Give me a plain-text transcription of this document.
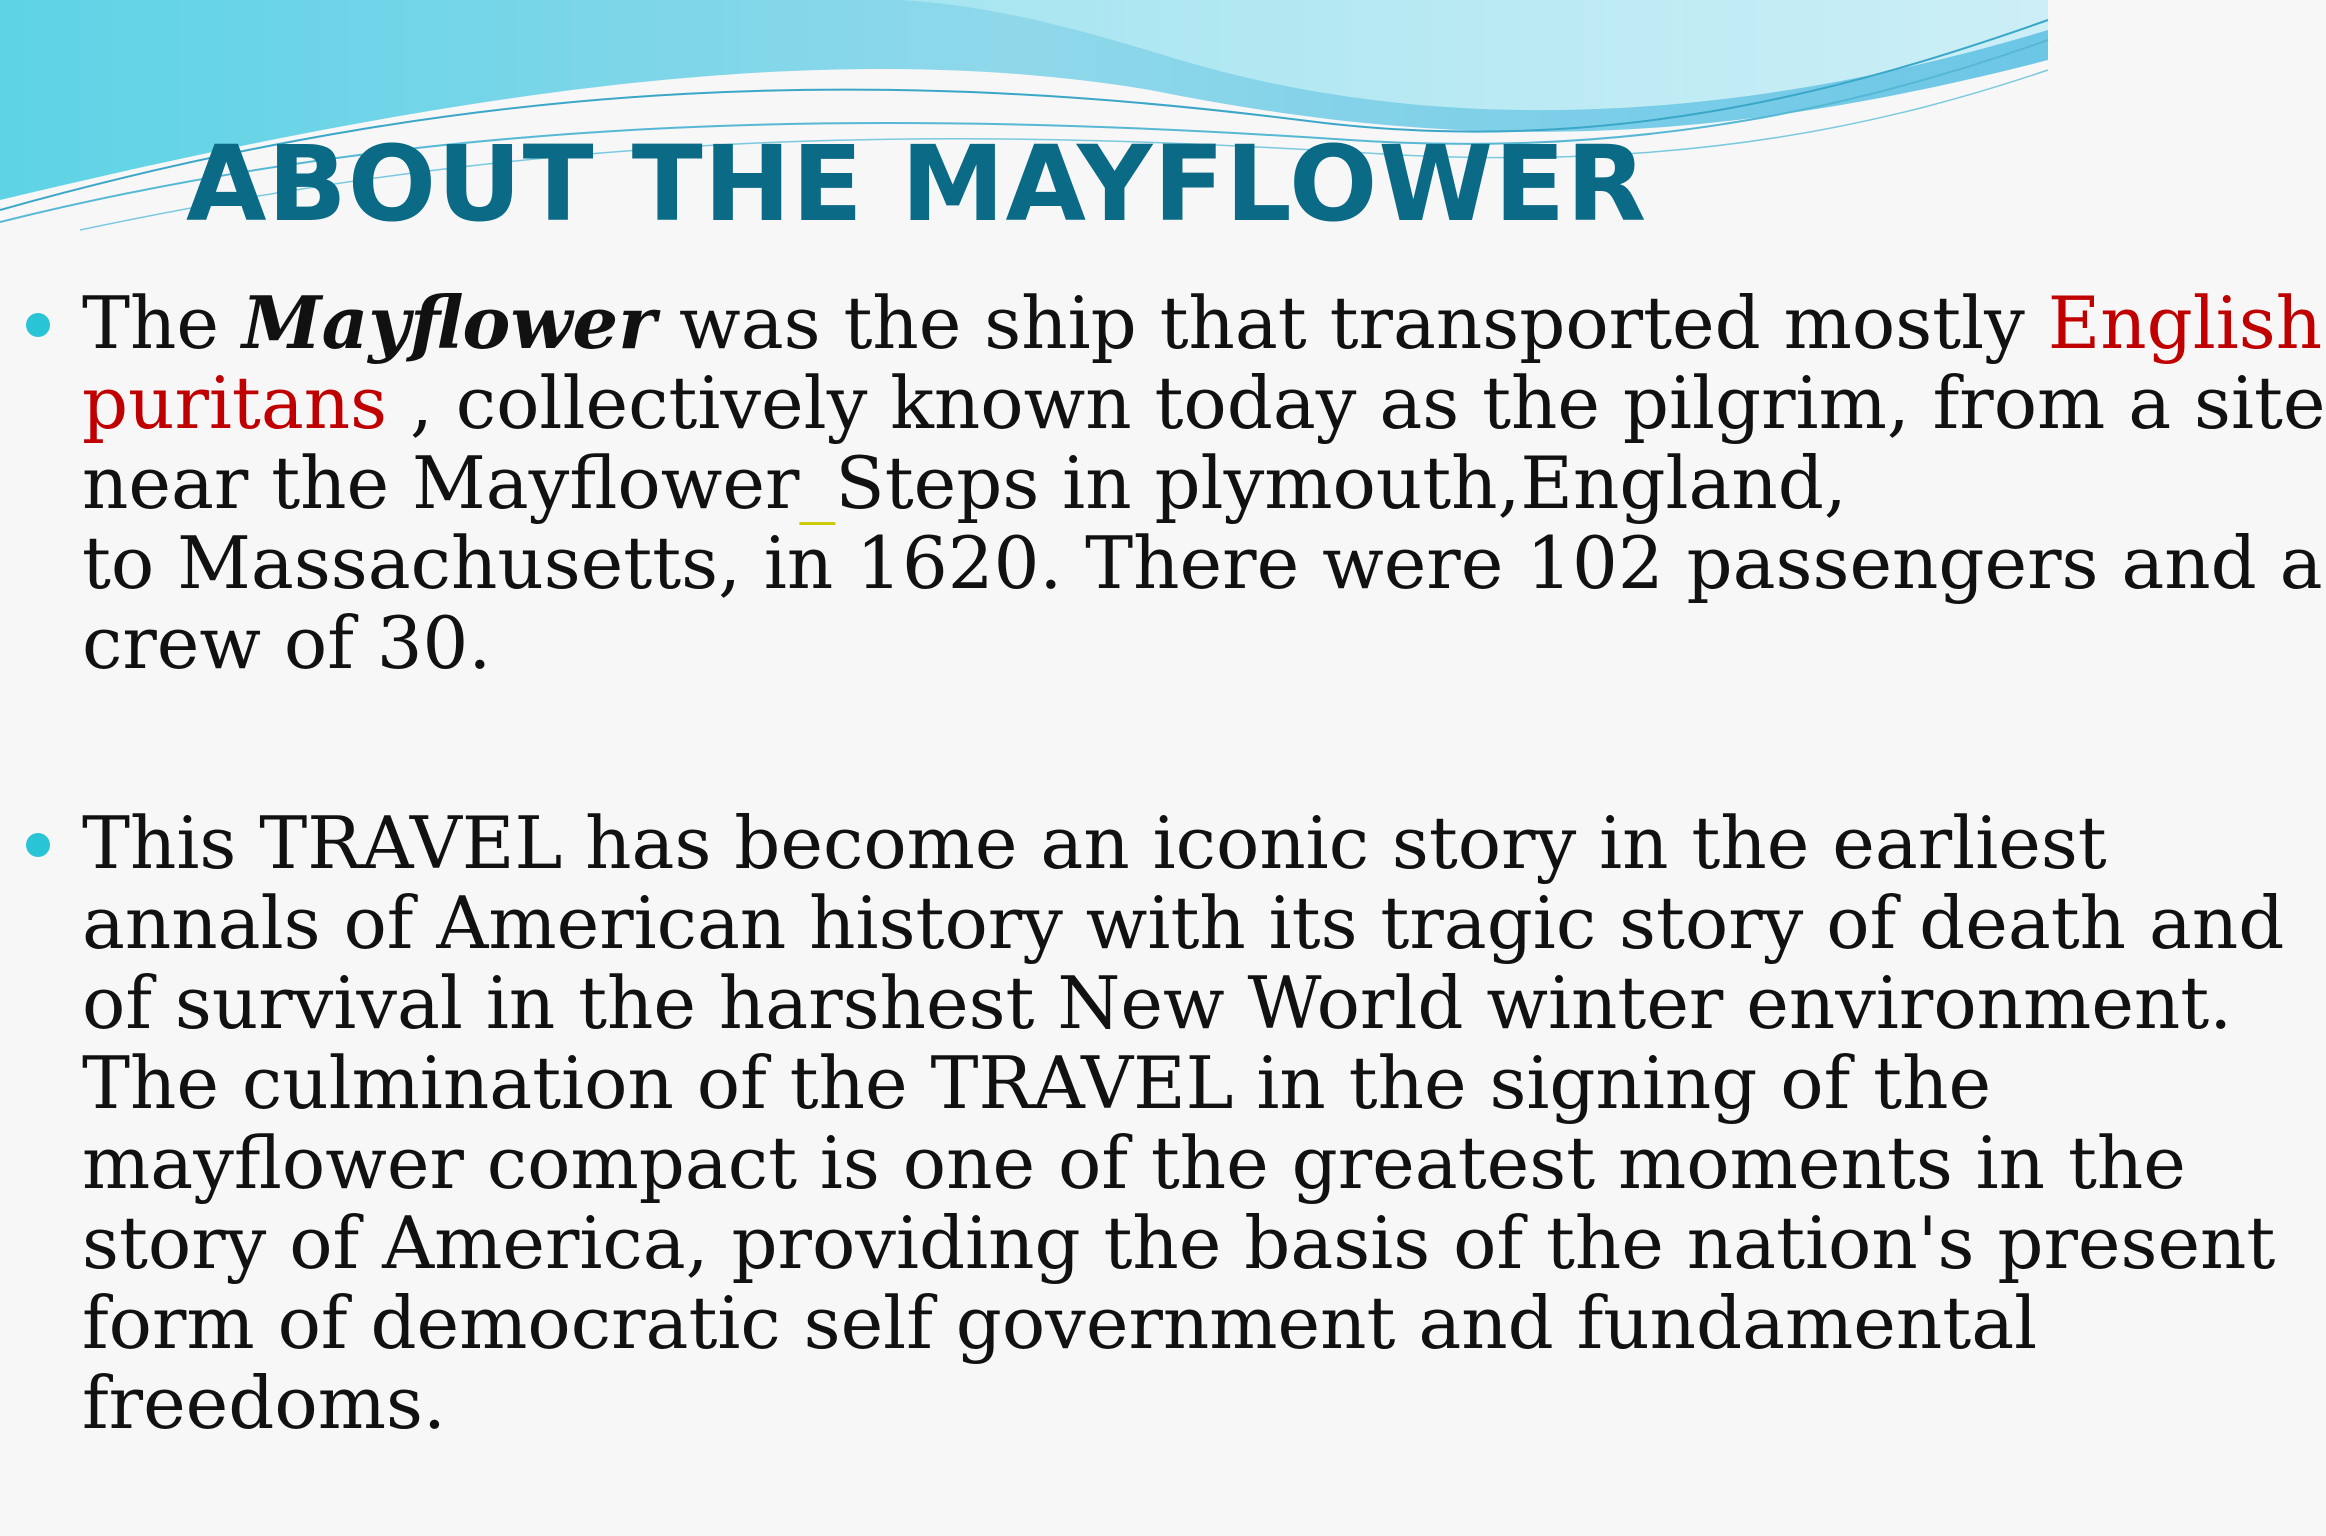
ABOUT THE MAYFLOWER
The Mayflower was the ship that transported mostly English
puritans , collectively known today as the pilgrim, from a site
near the Mayflower_Steps in plymouth,England,
to Massachusetts, in 1620. There were 102 passengers and a
crew of 30.
This TRAVEL has become an iconic story in the earliest
annals of American history with its tragic story of death and
of survival in the harshest New World winter environment.
The culmination of the TRAVEL in the signing of the
mayflower compact is one of the greatest moments in the
story of America, providing the basis of the nation's present
form of democratic self government and fundamental
freedoms.
